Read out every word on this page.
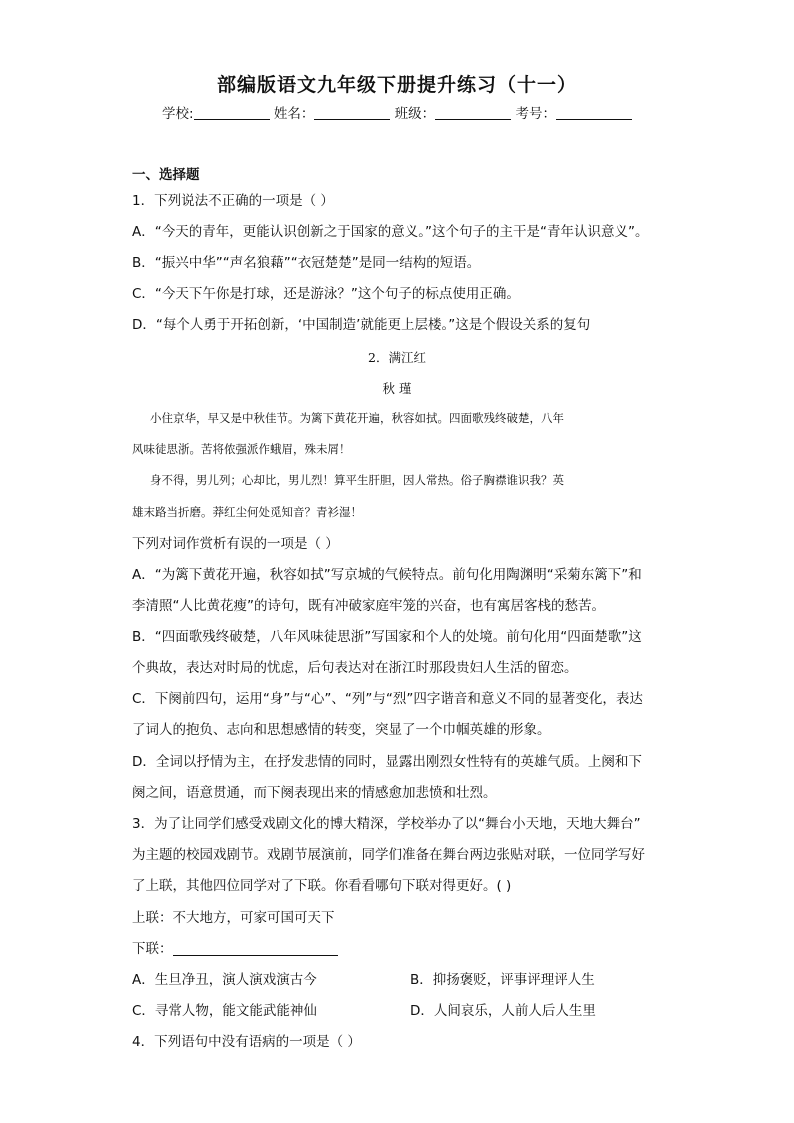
部编版语文九年级下册提升练习（十一）
学校:	姓名：	班级：	考号：
一、选择题
1．下列说法不正确的一项是（ ）
A．“今天的青年，更能认识创新之于国家的意义。”这个句子的主干是“青年认识意义”。
B．“振兴中华”“声名狼藉”“衣冠楚楚”是同一结构的短语。
C．“今天下午你是打球，还是游泳？”这个句子的标点使用正确。
D．“每个人勇于开拓创新，‘中国制造’就能更上层楼。”这是个假设关系的复句
2．满江红
秋 瑾
小住京华，早又是中秋佳节。为篱下黄花开遍，秋容如拭。四面歌残终破楚，八年
风味徒思浙。苦将侬强派作蛾眉，殊未屑！
身不得，男儿列；心却比，男儿烈！算平生肝胆，因人常热。俗子胸襟谁识我？英
雄末路当折磨。莽红尘何处觅知音？青衫湿！
下列对词作赏析有误的一项是（ ）
A．“为篱下黄花开遍，秋容如拭”写京城的气候特点。前句化用陶渊明“采菊东篱下”和
李清照“人比黄花瘦”的诗句，既有冲破家庭牢笼的兴奋，也有寓居客栈的愁苦。
B．“四面歌残终破楚，八年风味徒思浙”写国家和个人的处境。前句化用“四面楚歌”这
个典故，表达对时局的忧虑，后句表达对在浙江时那段贵妇人生活的留恋。
C．下阕前四句，运用“身”与“心”、“列”与“烈”四字谐音和意义不同的显著变化，表达
了词人的抱负、志向和思想感情的转变，突显了一个巾帼英雄的形象。
D．全词以抒情为主，在抒发悲情的同时，显露出刚烈女性特有的英雄气质。上阕和下
阕之间，语意贯通，而下阕表现出来的情感愈加悲愤和壮烈。
3．为了让同学们感受戏剧文化的博大精深，学校举办了以“舞台小天地，天地大舞台”
为主题的校园戏剧节。戏剧节展演前，同学们准备在舞台两边张贴对联，一位同学写好
了上联，其他四位同学对了下联。你看看哪句下联对得更好。( )
上联：不大地方，可家可国可天下
下联：
A．生旦净丑，演人演戏演古今	B．抑扬褒贬，评事评理评人生
C．寻常人物，能文能武能神仙	D．人间哀乐，人前人后人生里
4．下列语句中没有语病的一项是（ ）
